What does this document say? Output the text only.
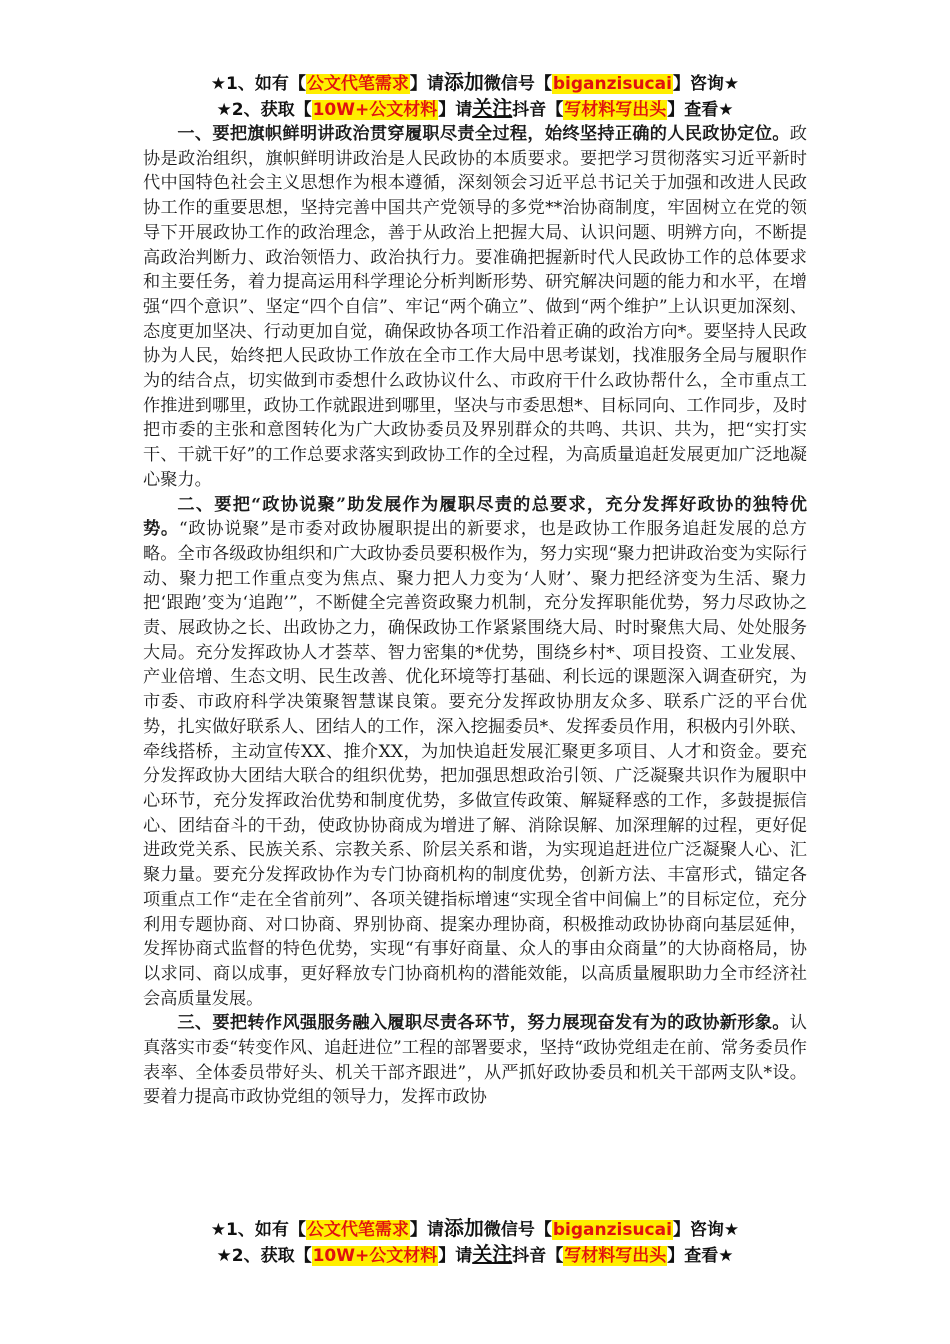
★1、如有【公文代笔需求】请添加微信号【biganzisucai】咨询★
★2、获取【10W+公文材料】请关注抖音【写材料写出头】查看★

一、要把旗帜鲜明讲政治贯穿履职尽责全过程，始终坚持正确的人民政协定位。政协是政治组织，旗帜鲜明讲政治是人民政协的本质要求。要把学习贯彻落实习近平新时代中国特色社会主义思想作为根本遵循，深刻领会习近平总书记关于加强和改进人民政协工作的重要思想，坚持完善中国共产党领导的多党**治协商制度，牢固树立在党的领导下开展政协工作的政治理念，善于从政治上把握大局、认识问题、明辨方向，不断提高政治判断力、政治领悟力、政治执行力。要准确把握新时代人民政协工作的总体要求和主要任务，着力提高运用科学理论分析判断形势、研究解决问题的能力和水平，在增强“四个意识”、坚定“四个自信”、牢记“两个确立”、做到“两个维护”上认识更加深刻、态度更加坚决、行动更加自觉，确保政协各项工作沿着正确的政治方向*。要坚持人民政协为人民，始终把人民政协工作放在全市工作大局中思考谋划，找准服务全局与履职作为的结合点，切实做到市委想什么政协议什么、市政府干什么政协帮什么，全市重点工作推进到哪里，政协工作就跟进到哪里，坚决与市委思想*、目标同向、工作同步，及时把市委的主张和意图转化为广大政协委员及界别群众的共鸣、共识、共为，把“实打实干、干就干好”的工作总要求落实到政协工作的全过程，为高质量追赶发展更加广泛地凝心聚力。

二、要把“政协说聚”助发展作为履职尽责的总要求，充分发挥好政协的独特优势。“政协说聚”是市委对政协履职提出的新要求，也是政协工作服务追赶发展的总方略。全市各级政协组织和广大政协委员要积极作为，努力实现“聚力把讲政治变为实际行动、聚力把工作重点变为焦点、聚力把人力变为‘人财’、聚力把经济变为生活、聚力把‘跟跑’变为‘追跑’”，不断健全完善资政聚力机制，充分发挥职能优势，努力尽政协之责、展政协之长、出政协之力，确保政协工作紧紧围绕大局、时时聚焦大局、处处服务大局。充分发挥政协人才荟萃、智力密集的*优势，围绕乡村*、项目投资、工业发展、产业倍增、生态文明、民生改善、优化环境等打基础、利长远的课题深入调查研究，为市委、市政府科学决策聚智慧谋良策。要充分发挥政协朋友众多、联系广泛的平台优势，扎实做好联系人、团结人的工作，深入挖掘委员*、发挥委员作用，积极内引外联、牵线搭桥，主动宣传XX、推介XX，为加快追赶发展汇聚更多项目、人才和资金。要充分发挥政协大团结大联合的组织优势，把加强思想政治引领、广泛凝聚共识作为履职中心环节，充分发挥政治优势和制度优势，多做宣传政策、解疑释惑的工作，多鼓提振信心、团结奋斗的干劲，使政协协商成为增进了解、消除误解、加深理解的过程，更好促进政党关系、民族关系、宗教关系、阶层关系和谐，为实现追赶进位广泛凝聚人心、汇聚力量。要充分发挥政协作为专门协商机构的制度优势，创新方法、丰富形式，锚定各项重点工作“走在全省前列”、各项关键指标增速“实现全省中间偏上”的目标定位，充分利用专题协商、对口协商、界别协商、提案办理协商，积极推动政协协商向基层延伸，发挥协商式监督的特色优势，实现“有事好商量、众人的事由众商量”的大协商格局，协以求同、商以成事，更好释放专门协商机构的潜能效能，以高质量履职助力全市经济社会高质量发展。

三、要把转作风强服务融入履职尽责各环节，努力展现奋发有为的政协新形象。认真落实市委“转变作风、追赶进位”工程的部署要求，坚持“政协党组走在前、常务委员作表率、全体委员带好头、机关干部齐跟进”，从严抓好政协委员和机关干部两支队*设。要着力提高市政协党组的领导力，发挥市政协

★1、如有【公文代笔需求】请添加微信号【biganzisucai】咨询★
★2、获取【10W+公文材料】请关注抖音【写材料写出头】查看★
